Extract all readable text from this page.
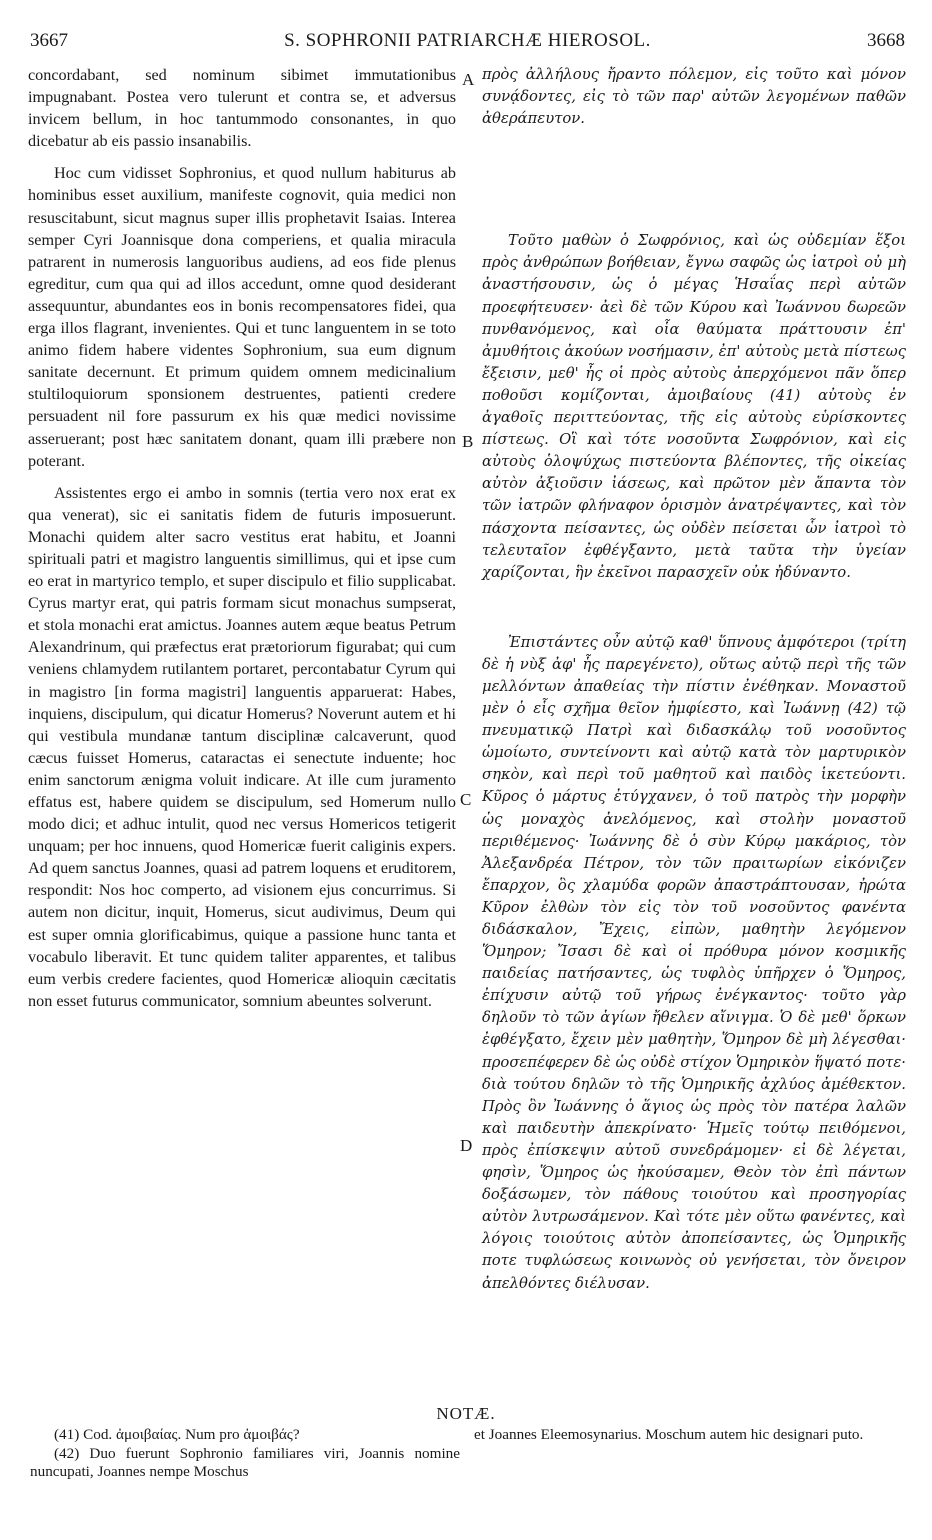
3667	S. SOPHRONII PATRIARCHÆ HIEROSOL.	3668

concordabant, sed nominum sibimet immutationibus impugnabant. Postea vero tulerunt et contra se, et adversus invicem bellum, in hoc tantummodo consonantes, in quo dicebatur ab eis passio insanabilis.

Hoc cum vidisset Sophronius, et quod nullum habiturus ab hominibus esset auxilium, manifeste cognovit, quia medici non resuscitabunt, sicut magnus super illis prophetavit Isaias. Interea semper Cyri Joannisque dona comperiens, et qualia miracula patrarent in numerosis languoribus audiens, ad eos fide plenus egreditur, cum qua qui ad illos accedunt, omne quod desiderant assequuntur, abundantes eos in bonis recompensatores fidei, qua erga illos flagrant, invenientes. Qui et tunc languentem in se toto animo fidem habere videntes Sophronium, sua eum dignum sanitate decernunt. Et primum quidem omnem medicinalium stultiloquiorum sponsionem destruentes, patienti credere persuadent nil fore passurum ex his quæ medici novissime asseruerant; post hæc sanitatem donant, quam illi præbere non poterant.

Assistentes ergo ei ambo in somnis (tertia vero nox erat ex qua venerat), sic ei sanitatis fidem de futuris imposuerunt. Monachi quidem alter sacro vestitus erat habitu, et Joanni spirituali patri et magistro languentis simillimus, qui et ipse cum eo erat in martyrico templo, et super discipulo et filio supplicabat. Cyrus martyr erat, qui patris formam sicut monachus sumpserat, et stola monachi erat amictus. Joannes autem æque beatus Petrum Alexandrinum, qui præfectus erat prætoriorum figurabat; qui cum veniens chlamydem rutilantem portaret, percontabatur Cyrum qui in magistro [in forma magistri] languentis apparuerat: Habes, inquiens, discipulum, qui dicatur Homerus? Noverunt autem et hi qui vestibula mundanæ tantum disciplinæ calcaverunt, quod cæcus fuisset Homerus, cataractas ei senectute induente; hoc enim sanctorum ænigma voluit indicare. At ille cum juramento effatus est, habere quidem se discipulum, sed Homerum nullo modo dici; et adhuc intulit, quod nec versus Homericos tetigerit unquam; per hoc innuens, quod Homericæ fuerit caliginis expers. Ad quem sanctus Joannes, quasi ad patrem loquens et eruditorem, respondit: Nos hoc comperto, ad visionem ejus concurrimus. Si autem non dicitur, inquit, Homerus, sicut audivimus, Deum qui est super omnia glorificabimus, quique a passione hunc tanta et vocabulo liberavit. Et tunc quidem taliter apparentes, et talibus eum verbis credere facientes, quod Homericæ alioquin cæcitatis non esset futurus communicator, somnium abeuntes solverunt.

A
B
C
D

πρὸς ἀλλήλους ἤραντο πόλεμον, εἰς τοῦτο καὶ μόνον συνᾴδοντες, εἰς τὸ τῶν παρ' αὐτῶν λεγομένων παθῶν ἀθεράπευτον.

Τοῦτο μαθὼν ὁ Σωφρόνιος, καὶ ὡς οὐδεμίαν ἕξοι πρὸς ἀνθρώπων βοήθειαν, ἔγνω σαφῶς ὡς ἰατροὶ οὐ μὴ ἀναστήσουσιν, ὡς ὁ μέγας Ἡσαΐας περὶ αὐτῶν προεφήτευσεν· ἀεὶ δὲ τῶν Κύρου καὶ Ἰωάννου δωρεῶν πυνθανόμενος, καὶ οἷα θαύματα πράττουσιν ἐπ' ἀμυθήτοις ἀκούων νοσήμασιν, ἐπ' αὐτοὺς μετὰ πίστεως ἔξεισιν, μεθ' ἧς οἱ πρὸς αὐτοὺς ἀπερχόμενοι πᾶν ὅπερ ποθοῦσι κομίζονται, ἀμοιβαίους (41) αὐτοὺς ἐν ἀγαθοῖς περιττεύοντας, τῆς εἰς αὐτοὺς εὑρίσκοντες πίστεως. Οἳ καὶ τότε νοσοῦντα Σωφρόνιον, καὶ εἰς αὐτοὺς ὁλοψύχως πιστεύοντα βλέποντες, τῆς οἰκείας αὐτὸν ἀξιοῦσιν ἰάσεως, καὶ πρῶτον μὲν ἅπαντα τὸν τῶν ἰατρῶν φλήναφον ὁρισμὸν ἀνατρέψαντες, καὶ τὸν πάσχοντα πείσαντες, ὡς οὐδὲν πείσεται ὧν ἰατροὶ τὸ τελευταῖον ἐφθέγξαντο, μετὰ ταῦτα τὴν ὑγείαν χαρίζονται, ἣν ἐκεῖνοι παρασχεῖν οὐκ ἠδύναντο.

Ἐπιστάντες οὖν αὐτῷ καθ' ὕπνους ἀμφότεροι (τρίτη δὲ ἡ νὺξ ἀφ' ἧς παρεγένετο), οὕτως αὐτῷ περὶ τῆς τῶν μελλόντων ἀπαθείας τὴν πίστιν ἐνέθηκαν. Μοναστοῦ μὲν ὁ εἷς σχῆμα θεῖον ἠμφίεστο, καὶ Ἰωάννῃ (42) τῷ πνευματικῷ Πατρὶ καὶ διδασκάλῳ τοῦ νοσοῦντος ὡμοίωτο, συντείνοντι καὶ αὐτῷ κατὰ τὸν μαρτυρικὸν σηκὸν, καὶ περὶ τοῦ μαθητοῦ καὶ παιδὸς ἱκετεύοντι. Κῦρος ὁ μάρτυς ἐτύγχανεν, ὁ τοῦ πατρὸς τὴν μορφὴν ὡς μοναχὸς ἀνελόμενος, καὶ στολὴν μοναστοῦ περιθέμενος· Ἰωάννης δὲ ὁ σὺν Κύρῳ μακάριος, τὸν Ἀλεξανδρέα Πέτρον, τὸν τῶν πραιτωρίων εἰκόνιζεν ἔπαρχον, ὃς χλαμύδα φορῶν ἀπαστράπτουσαν, ἠρώτα Κῦρον ἐλθὼν τὸν εἰς τὸν τοῦ νοσοῦντος φανέντα διδάσκαλον, Ἔχεις, εἰπὼν, μαθητὴν λεγόμενον Ὅμηρον; Ἴσασι δὲ καὶ οἱ πρόθυρα μόνον κοσμικῆς παιδείας πατήσαντες, ὡς τυφλὸς ὑπῆρχεν ὁ Ὅμηρος, ἐπίχυσιν αὐτῷ τοῦ γήρως ἐνέγκαντος· τοῦτο γὰρ δηλοῦν τὸ τῶν ἁγίων ἤθελεν αἴνιγμα. Ὁ δὲ μεθ' ὅρκων ἐφθέγξατο, ἔχειν μὲν μαθητὴν, Ὅμηρον δὲ μὴ λέγεσθαι· προσεπέφερεν δὲ ὡς οὐδὲ στίχον Ὁμηρικὸν ἥψατό ποτε· διὰ τούτου δηλῶν τὸ τῆς Ὁμηρικῆς ἀχλύος ἀμέθεκτον. Πρὸς ὃν Ἰωάννης ὁ ἅγιος ὡς πρὸς τὸν πατέρα λαλῶν καὶ παιδευτὴν ἀπεκρίνατο· Ἡμεῖς τούτῳ πειθόμενοι, πρὸς ἐπίσκεψιν αὐτοῦ συνεδράμομεν· εἰ δὲ λέγεται, φησὶν, Ὅμηρος ὡς ἠκούσαμεν, Θεὸν τὸν ἐπὶ πάντων δοξάσωμεν, τὸν πάθους τοιούτου καὶ προσηγορίας αὐτὸν λυτρωσάμενον. Καὶ τότε μὲν οὕτω φανέντες, καὶ λόγοις τοιούτοις αὐτὸν ἀποπείσαντες, ὡς Ὁμηρικῆς ποτε τυφλώσεως κοινωνὸς οὐ γενήσεται, τὸν ὄνειρον ἀπελθόντες διέλυσαν.

NOTÆ.

(41) Cod. ἀμοιβαίας. Num pro ἀμοιβάς?

(42) Duo fuerunt Sophronio familiares viri, Joannis nomine nuncupati, Joannes nempe Moschus

et Joannes Eleemosynarius. Moschum autem hic designari puto.
